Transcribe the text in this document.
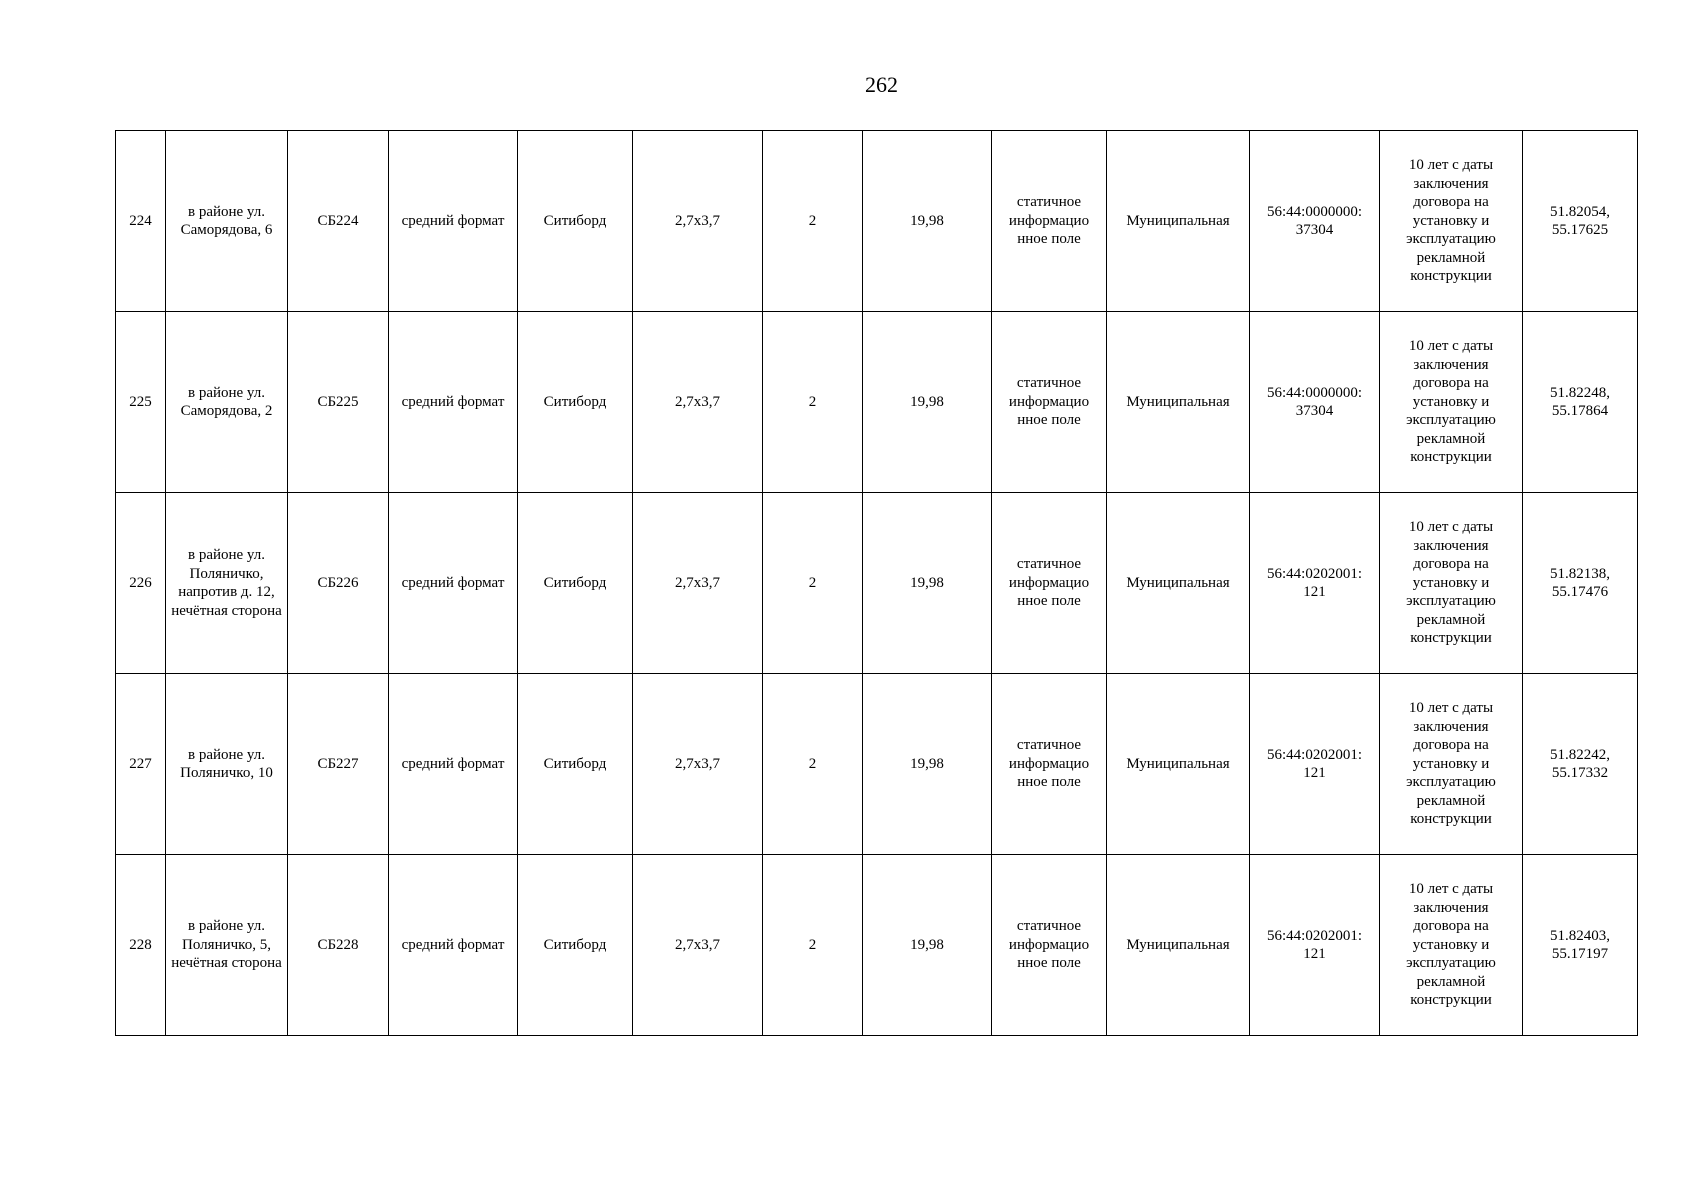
262
224	в районе ул. Саморядова, 6	СБ224	средний формат	Ситиборд	2,7х3,7	2	19,98	статичное информацио нное поле	Муниципальная	56:44:0000000: 37304	10 лет с даты заключения договора на установку и эксплуатацию рекламной конструкции	51.82054, 55.17625
225	в районе ул. Саморядова, 2	СБ225	средний формат	Ситиборд	2,7х3,7	2	19,98	статичное информацио нное поле	Муниципальная	56:44:0000000: 37304	10 лет с даты заключения договора на установку и эксплуатацию рекламной конструкции	51.82248, 55.17864
226	в районе ул. Поляничко, напротив д. 12, нечётная сторона	СБ226	средний формат	Ситиборд	2,7х3,7	2	19,98	статичное информацио нное поле	Муниципальная	56:44:0202001: 121	10 лет с даты заключения договора на установку и эксплуатацию рекламной конструкции	51.82138, 55.17476
227	в районе ул. Поляничко, 10	СБ227	средний формат	Ситиборд	2,7х3,7	2	19,98	статичное информацио нное поле	Муниципальная	56:44:0202001: 121	10 лет с даты заключения договора на установку и эксплуатацию рекламной конструкции	51.82242, 55.17332
228	в районе ул. Поляничко, 5, нечётная сторона	СБ228	средний формат	Ситиборд	2,7х3,7	2	19,98	статичное информацио нное поле	Муниципальная	56:44:0202001: 121	10 лет с даты заключения договора на установку и эксплуатацию рекламной конструкции	51.82403, 55.17197
